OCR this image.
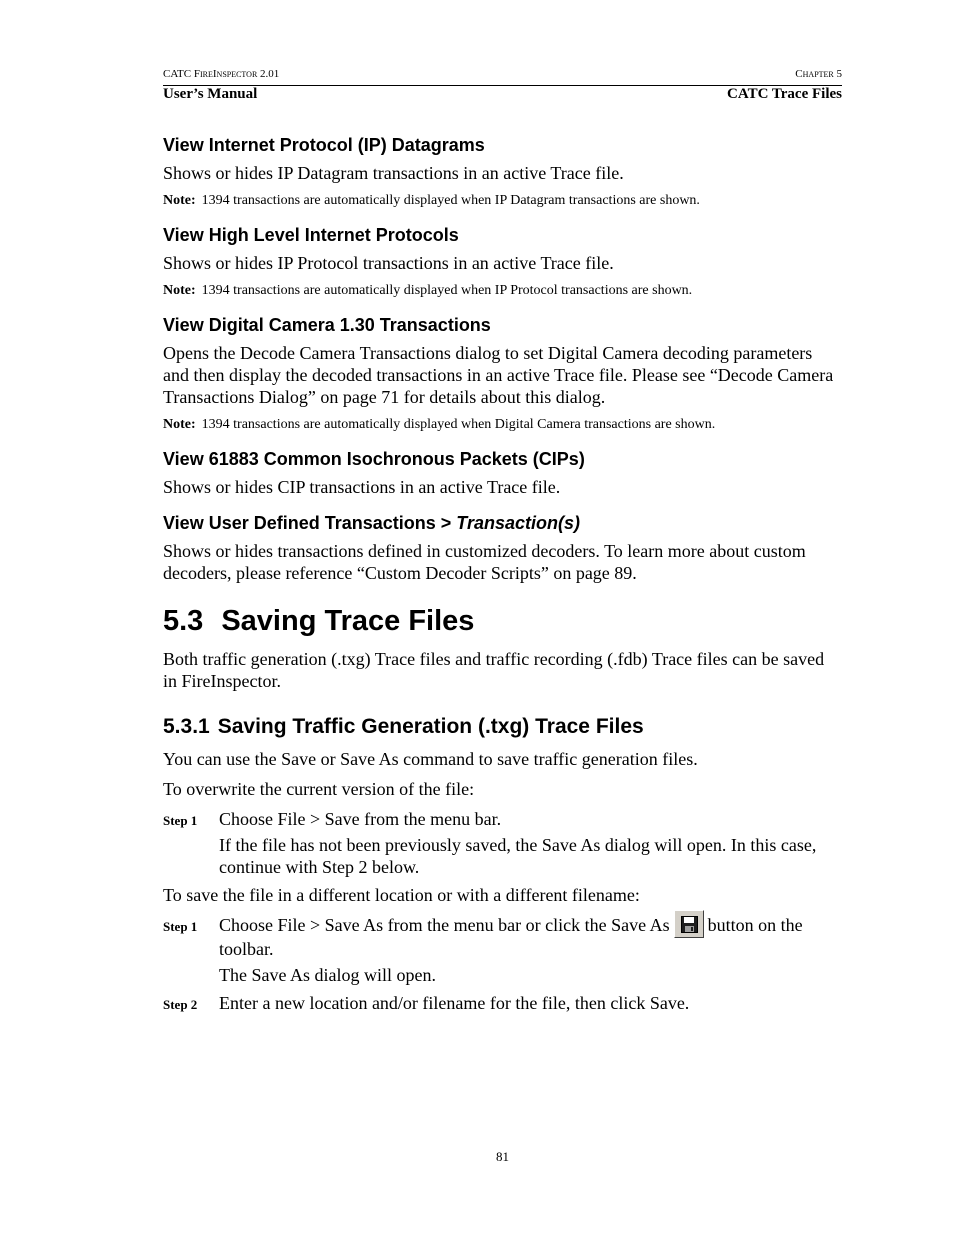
CATC FireInspector 2.01	Chapter 5
User’s Manual	CATC Trace Files
View Internet Protocol (IP) Datagrams

Shows or hides IP Datagram transactions in an active Trace file.

Note: 1394 transactions are automatically displayed when IP Datagram transactions are shown.

View High Level Internet Protocols

Shows or hides IP Protocol transactions in an active Trace file.

Note: 1394 transactions are automatically displayed when IP Protocol transactions are shown.

View Digital Camera 1.30 Transactions

Opens the Decode Camera Transactions dialog to set Digital Camera decoding parameters and then display the decoded transactions in an active Trace file. Please see “Decode Camera Transactions Dialog” on page 71 for details about this dialog.

Note: 1394 transactions are automatically displayed when Digital Camera transactions are shown.

View 61883 Common Isochronous Packets (CIPs)

Shows or hides CIP transactions in an active Trace file.

View User Defined Transactions > Transaction(s)

Shows or hides transactions defined in customized decoders. To learn more about custom decoders, please reference “Custom Decoder Scripts” on page 89.

5.3 Saving Trace Files

Both traffic generation (.txg) Trace files and traffic recording (.fdb) Trace files can be saved in FireInspector.

5.3.1 Saving Traffic Generation (.txg) Trace Files

You can use the Save or Save As command to save traffic generation files.

To overwrite the current version of the file:

Step 1 Choose File > Save from the menu bar.
If the file has not been previously saved, the Save As dialog will open. In this case, continue with Step 2 below.

To save the file in a different location or with a different filename:

Step 1 Choose File > Save As from the menu bar or click the Save As button on the toolbar.
The Save As dialog will open.
Step 2 Enter a new location and/or filename for the file, then click Save.
81
